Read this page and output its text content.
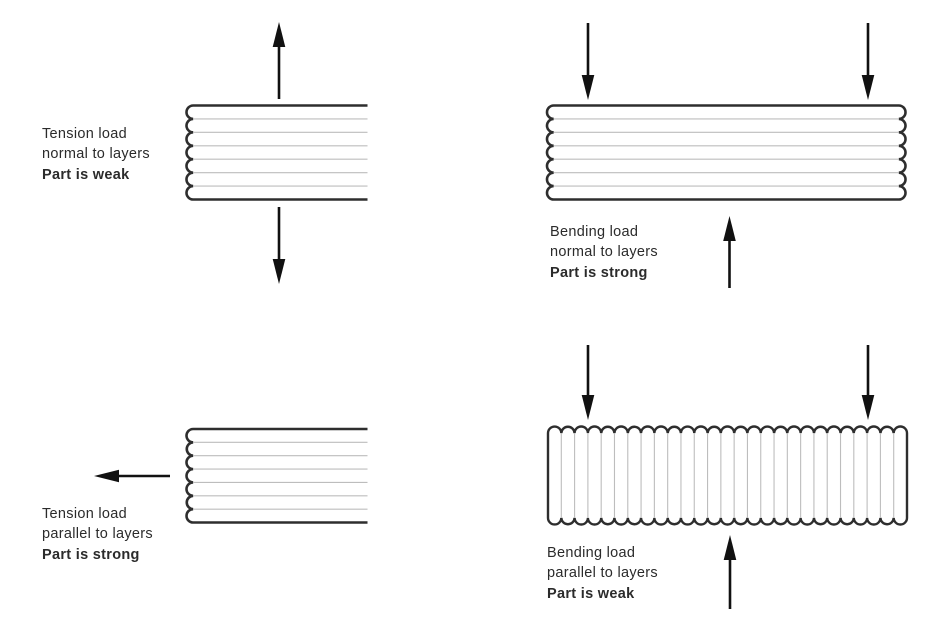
Tension load
normal to layers
Part is weak
Bending load
normal to layers
Part is strong
Tension load
parallel to layers
Part is strong	Bending load
parallel to layers
Part is weak
